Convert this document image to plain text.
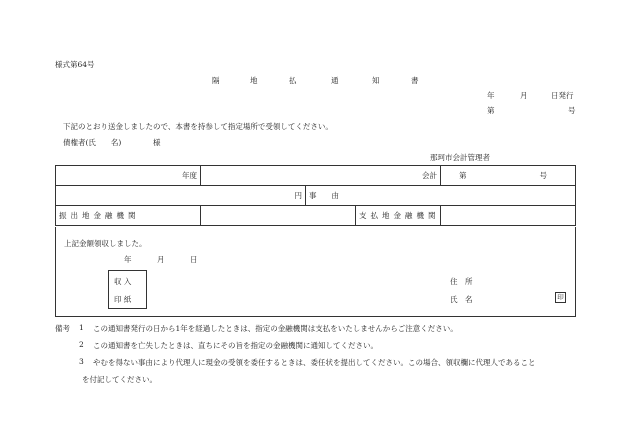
様式第64号
隔	地	払	通	知	書
年	月	日発行
第	号
下記のとおり送金しましたので、本書を持参して指定場所で受領してください。
債権者(氏　　名)	様
那珂市会計管理者
年度	会計			第 号

円		事　　由		
振出地金融機関			支払地金融機関	
上記金額領収しました。
年	月	日
収 入
印 紙
住　所
氏　名	印
備考 1 この通知書発行の日から1年を経過したときは、指定の金融機関は支払をいたしませんからご注意ください。
2 この通知書を亡失したときは、直ちにその旨を指定の金融機関に通知してください。
3 やむを得ない事由により代理人に現金の受領を委任するときは、委任状を提出してください。この場合、領収欄に代理人であること
を付記してください。
